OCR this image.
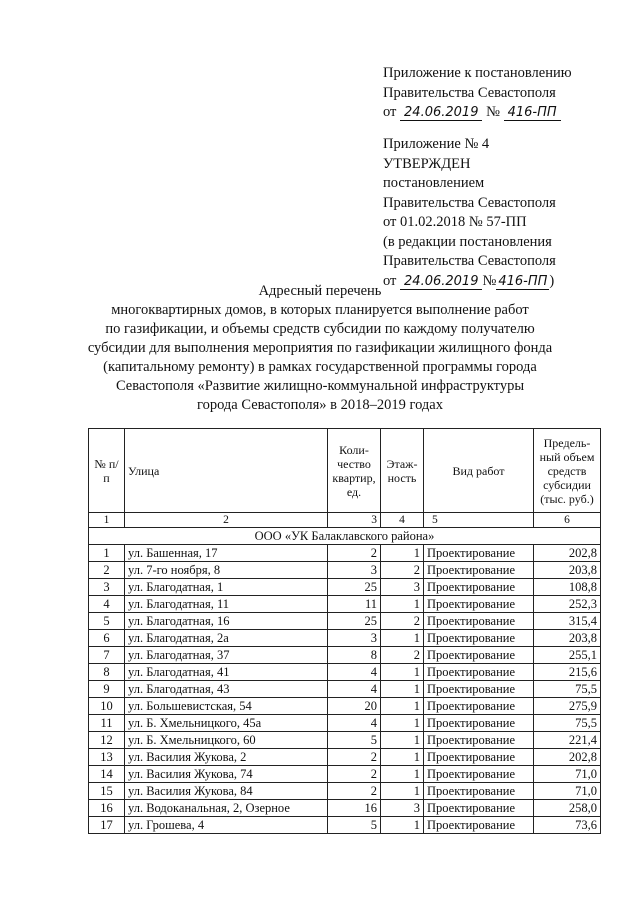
Приложение к постановлению
Правительства Севастополя
от 24.06.2019 № 416-ПП
Приложение № 4
УТВЕРЖДЕН
постановлением
Правительства Севастополя
от 01.02.2018 № 57-ПП
(в редакции постановления
Правительства Севастополя
от 24.06.2019 № 416-ПП )
Адресный перечень
многоквартирных домов, в которых планируется выполнение работ
по газификации, и объемы средств субсидии по каждому получателю
субсидии для выполнения мероприятия по газификации жилищного фонда
(капитальному ремонту) в рамках государственной программы города
Севастополя «Развитие жилищно-коммунальной инфраструктуры
города Севастополя» в 2018–2019 годах
№ п/п	Улица	Коли-чество квартир, ед.	Этаж-ность	Вид работ	Предель-ный объем средств субсидии (тыс. руб.)
1	2	3	4	5	6
ООО «УК Балаклавского района»					
1	ул. Башенная, 17	2	1	Проектирование	202,8
2	ул. 7-го ноября, 8	3	2	Проектирование	203,8
3	ул. Благодатная, 1	25	3	Проектирование	108,8
4	ул. Благодатная, 11	11	1	Проектирование	252,3
5	ул. Благодатная, 16	25	2	Проектирование	315,4
6	ул. Благодатная, 2а	3	1	Проектирование	203,8
7	ул. Благодатная, 37	8	2	Проектирование	255,1
8	ул. Благодатная, 41	4	1	Проектирование	215,6
9	ул. Благодатная, 43	4	1	Проектирование	75,5
10	ул. Большевистская, 54	20	1	Проектирование	275,9
11	ул. Б. Хмельницкого, 45а	4	1	Проектирование	75,5
12	ул. Б. Хмельницкого, 60	5	1	Проектирование	221,4
13	ул. Василия Жукова, 2	2	1	Проектирование	202,8
14	ул. Василия Жукова, 74	2	1	Проектирование	71,0
15	ул. Василия Жукова, 84	2	1	Проектирование	71,0
16	ул. Водоканальная, 2, Озерное	16	3	Проектирование	258,0
17	ул. Грошева, 4	5	1	Проектирование	73,6
